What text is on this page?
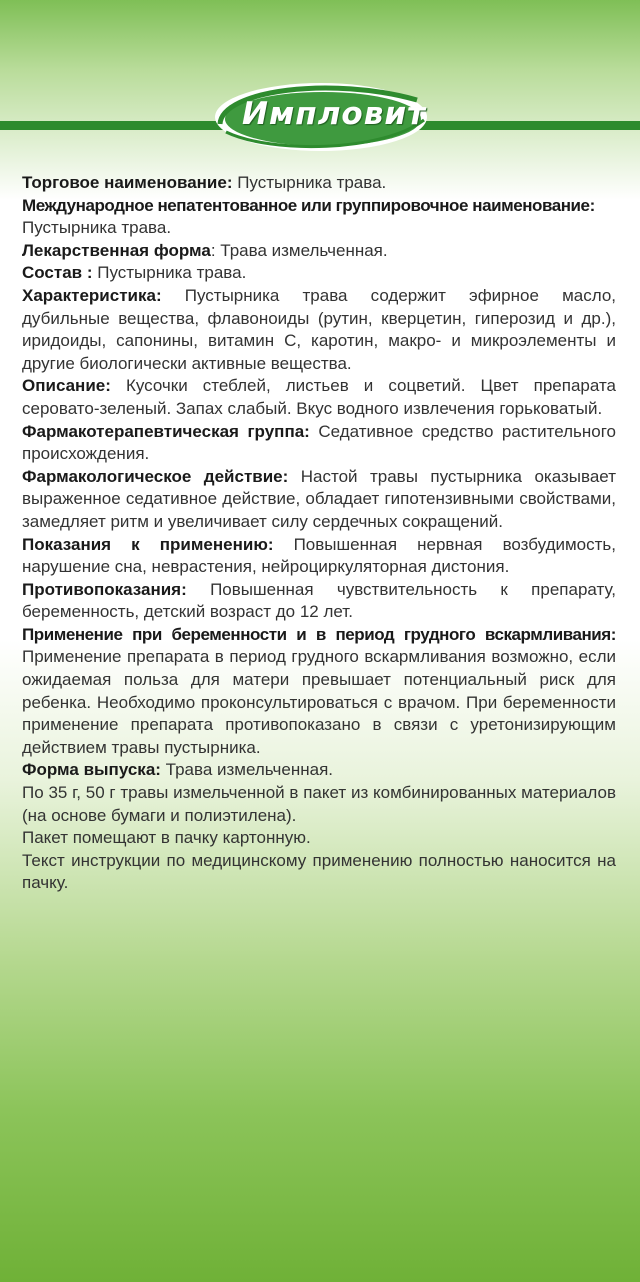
Импловит

Торговое наименование: Пустырника трава.

Международное непатентованное или группировочное наименование: Пустырника трава.

Лекарственная форма: Трава измельченная.

Состав : Пустырника трава.

Характеристика: Пустырника трава содержит эфирное масло, дубильные вещества, флавоноиды (рутин, кверцетин, гиперозид и др.), иридоиды, сапонины, витамин С, каротин, макро- и микроэлементы и другие биологически активные вещества.

Описание: Кусочки стеблей, листьев и соцветий. Цвет препарата серовато-зеленый. Запах слабый. Вкус водного извлечения горьковатый.

Фармакотерапевтическая группа: Седативное средство растительного происхождения.

Фармакологическое действие: Настой травы пустырника оказывает выраженное седативное действие, обладает гипотензивными свойствами, замедляет ритм и увеличивает силу сердечных сокращений.

Показания к применению: Повышенная нервная возбудимость, нарушение сна, неврастения, нейроциркуляторная дистония.

Противопоказания: Повышенная чувствительность к препарату, беременность, детский возраст до 12 лет.

Применение при беременности и в период грудного вскармливания: Применение препарата в период грудного вскармливания возможно, если ожидаемая польза для матери превышает потенциальный риск для ребенка. Необходимо проконсультироваться с врачом. При беременности применение препарата противопоказано в связи с уретонизирующим действием травы пустырника.

Форма выпуска: Трава измельченная.

По 35 г, 50 г травы измельченной в пакет из комбинированных материалов (на основе бумаги и полиэтилена).

Пакет помещают в пачку картонную.

Текст инструкции по медицинскому применению полностью наносится на пачку.
